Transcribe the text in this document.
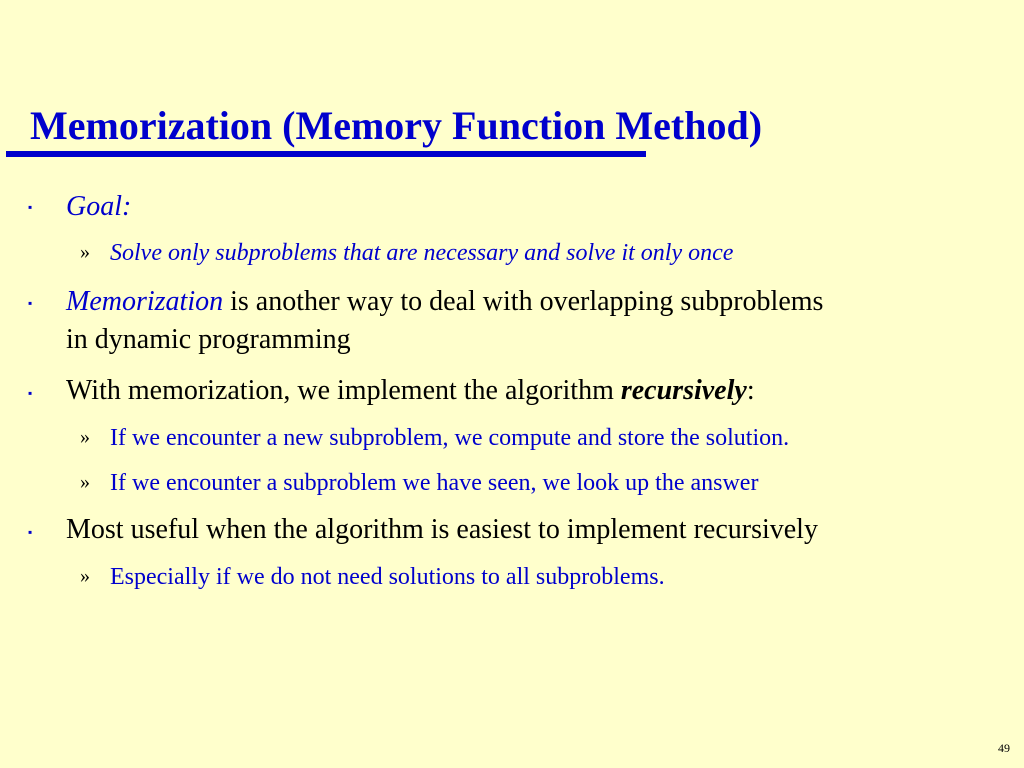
Memorization (Memory Function Method)
▪ Goal:
» Solve only subproblems that are necessary and solve it only once
▪ Memorization is another way to deal with overlapping subproblems
in dynamic programming
▪ With memorization, we implement the algorithm recursively:
» If we encounter a new subproblem, we compute and store the solution.
» If we encounter a subproblem we have seen, we look up the answer
▪ Most useful when the algorithm is easiest to implement recursively
» Especially if we do not need solutions to all subproblems.
49
